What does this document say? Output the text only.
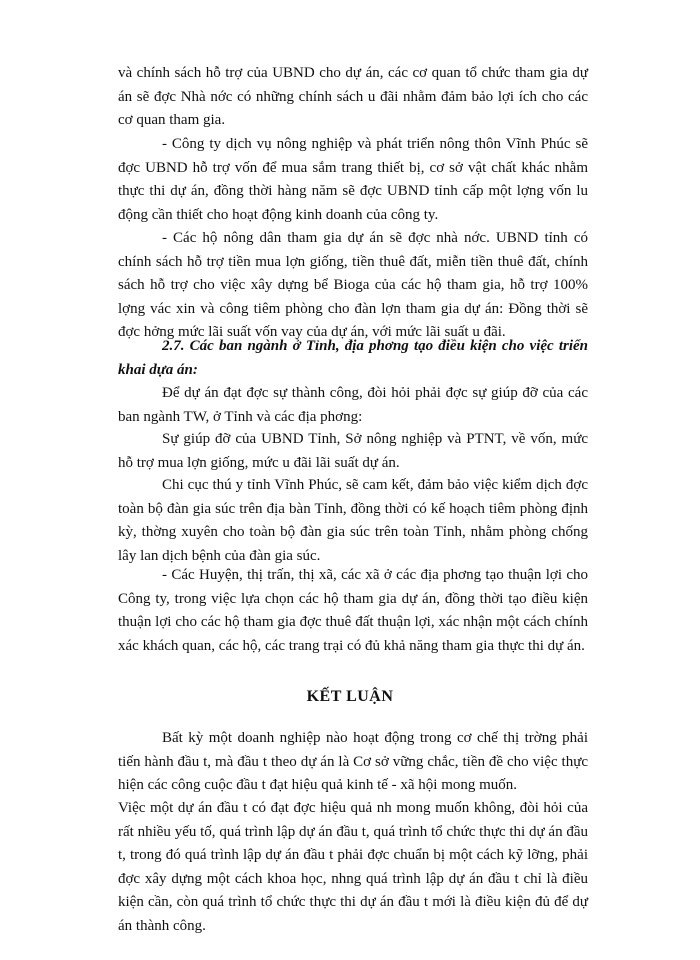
và chính sách hỗ trợ của UBND cho dự án, các cơ quan tổ chức tham gia dự án sẽ đợc Nhà nớc có những chính sách u đãi nhằm đảm bảo lợi ích cho các cơ quan tham gia.

- Công ty dịch vụ nông nghiệp và phát triển nông thôn Vĩnh Phúc sẽ đợc UBND hỗ trợ vốn để mua sắm trang thiết bị, cơ sở vật chất khác nhằm thực thi dự án, đồng thời hàng năm sẽ đợc UBND tỉnh cấp một lợng vốn lu động cần thiết cho hoạt động kinh doanh của công ty.

- Các hộ nông dân tham gia dự án sẽ đợc nhà nớc. UBND tỉnh có chính sách hỗ trợ tiền mua lợn giống, tiền thuê đất, miễn tiền thuê đất, chính sách hỗ trợ cho việc xây dựng bể Bioga của các hộ tham gia, hỗ trợ 100% lợng vác xin và công tiêm phòng cho đàn lợn tham gia dự án: Đồng thời sẽ đợc hởng mức lãi suất vốn vay của dự án, với mức lãi suất u đãi.

2.7. Các ban ngành ở Tỉnh, địa phơng tạo điều kiện cho việc triển khai dựa án:

Để dự án đạt đợc sự thành công, đòi hỏi phải đợc sự giúp đỡ của các ban ngành TW, ở Tỉnh và các địa phơng:

Sự giúp đỡ của UBND Tỉnh, Sở nông nghiệp và PTNT, về vốn, mức hỗ trợ mua lợn giống, mức u đãi lãi suất dự án.

Chi cục thú y tỉnh Vĩnh Phúc, sẽ cam kết, đảm bảo việc kiểm dịch đợc toàn bộ đàn gia súc trên địa bàn Tỉnh, đồng thời có kế hoạch tiêm phòng định kỳ, thờng xuyên cho toàn bộ đàn gia súc trên toàn Tỉnh, nhằm phòng chống lây lan dịch bệnh của đàn gia súc.

- Các Huyện, thị trấn, thị xã, các xã ở các địa phơng tạo thuận lợi cho Công ty, trong việc lựa chọn các hộ tham gia dự án, đồng thời tạo điều kiện thuận lợi cho các hộ tham gia đợc thuê đất thuận lợi, xác nhận một cách chính xác khách quan, các hộ, các trang trại có đủ khả năng tham gia thực thi dự án.

KẾT LUẬN

Bất kỳ một doanh nghiệp nào hoạt động trong cơ chế thị trờng phải tiến hành đầu t, mà đầu t theo dự án là Cơ sở vững chắc, tiền đề cho việc thực hiện các công cuộc đầu t đạt hiệu quả kinh tế - xã hội mong muốn.

Việc một dự án đầu t có đạt đợc hiệu quả nh mong muốn không, đòi hỏi của rất nhiều yếu tố, quá trình lập dự án đầu t, quá trình tổ chức thực thi dự án đầu t, trong đó quá trình lập dự án đầu t phải đợc chuẩn bị một cách kỹ lỡng, phải đợc xây dựng một cách khoa học, nhng quá trình lập dự án đầu t chỉ là điều kiện cần, còn quá trình tổ chức thực thi dự án đầu t mới là điều kiện đủ để dự án thành công.
